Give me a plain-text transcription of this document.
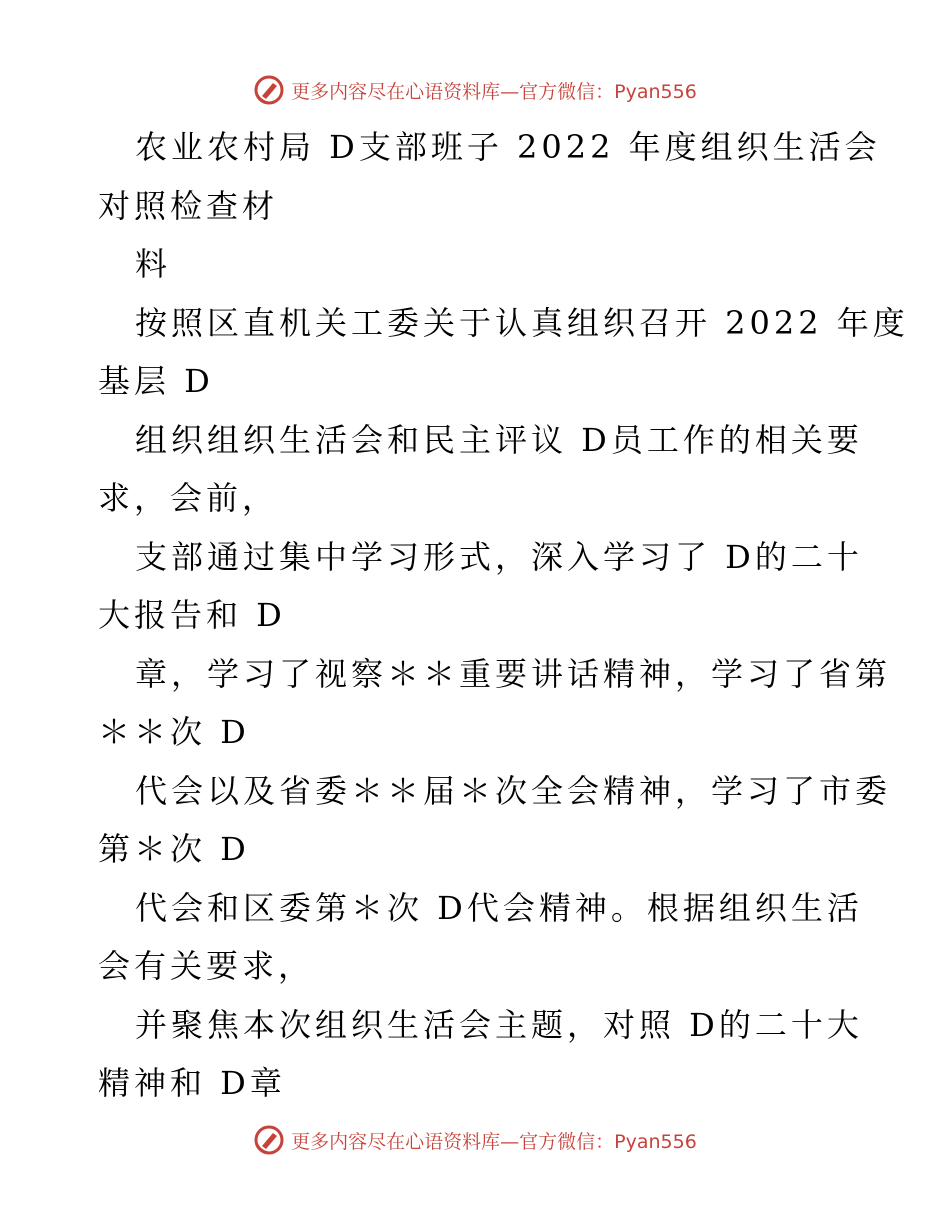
更多内容尽在心语资料库—官方微信：Pyan556
农业农村局 D支部班子 2022 年度组织生活会
对照检查材
料
按照区直机关工委关于认真组织召开 2022 年度
基层 D
组织组织生活会和民主评议 D员工作的相关要
求，会前，
支部通过集中学习形式，深入学习了 D的二十
大报告和 D
章，学习了视察＊＊重要讲话精神，学习了省第
＊＊次 D
代会以及省委＊＊届＊次全会精神，学习了市委
第＊次 D
代会和区委第＊次 D代会精神。根据组织生活
会有关要求，
并聚焦本次组织生活会主题，对照 D的二十大
精神和 D章
更多内容尽在心语资料库—官方微信：Pyan556
